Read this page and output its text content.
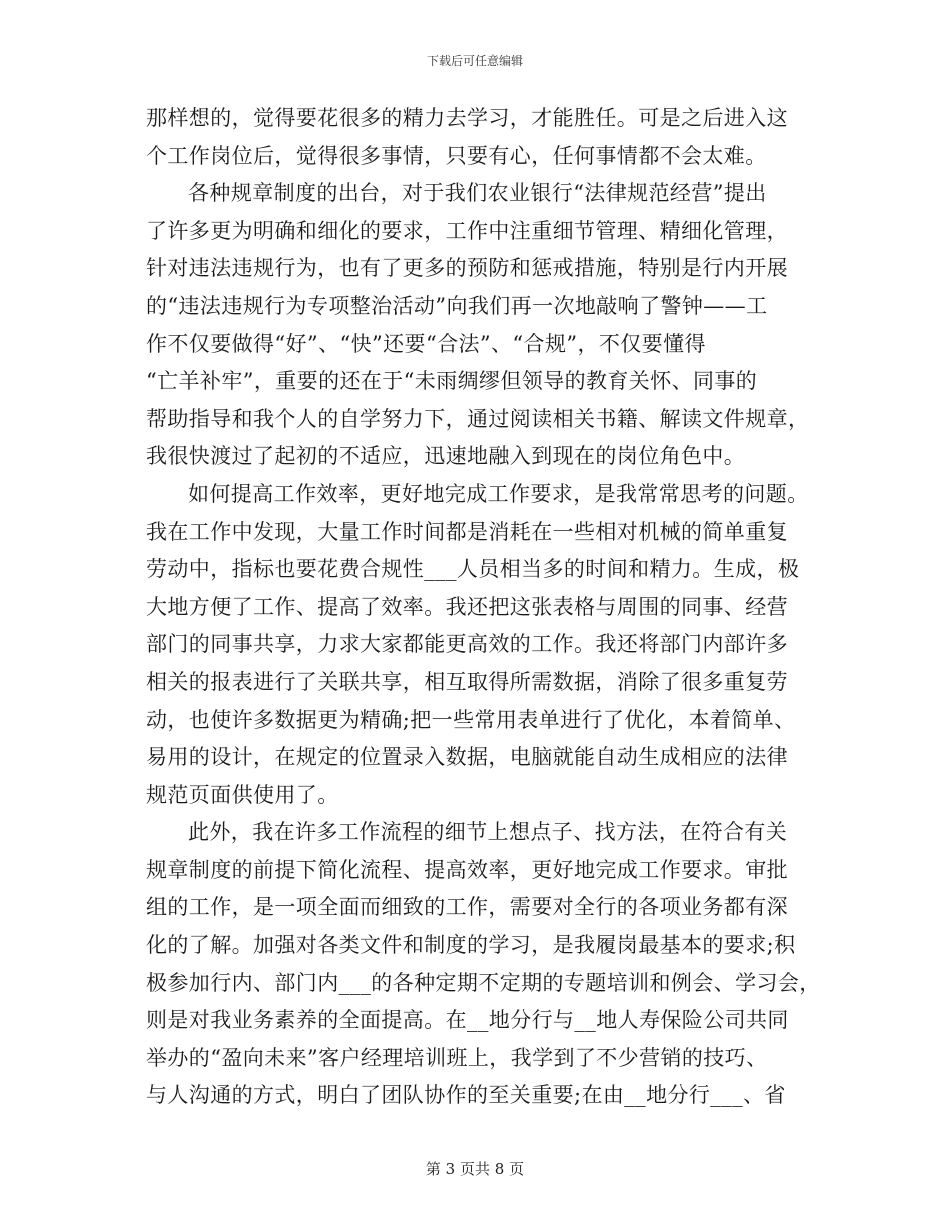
下载后可任意编辑
那样想的，觉得要花很多的精力去学习，才能胜任。可是之后进入这
个工作岗位后，觉得很多事情，只要有心，任何事情都不会太难。
各种规章制度的出台，对于我们农业银行“法律规范经营”提出
了许多更为明确和细化的要求，工作中注重细节管理、精细化管理，
针对违法违规行为，也有了更多的预防和惩戒措施，特别是行内开展
的“违法违规行为专项整治活动”向我们再一次地敲响了警钟——工
作不仅要做得“好”、“快”还要“合法”、“合规”，不仅要懂得
“亡羊补牢”，重要的还在于“未雨绸缪但领导的教育关怀、同事的
帮助指导和我个人的自学努力下，通过阅读相关书籍、解读文件规章，
我很快渡过了起初的不适应，迅速地融入到现在的岗位角色中。
如何提高工作效率，更好地完成工作要求，是我常常思考的问题。
我在工作中发现，大量工作时间都是消耗在一些相对机械的简单重复
劳动中，指标也要花费合规性___人员相当多的时间和精力。生成，极
大地方便了工作、提高了效率。我还把这张表格与周围的同事、经营
部门的同事共享，力求大家都能更高效的工作。我还将部门内部许多
相关的报表进行了关联共享，相互取得所需数据，消除了很多重复劳
动，也使许多数据更为精确;把一些常用表单进行了优化，本着简单、
易用的设计，在规定的位置录入数据，电脑就能自动生成相应的法律
规范页面供使用了。
此外，我在许多工作流程的细节上想点子、找方法，在符合有关
规章制度的前提下简化流程、提高效率，更好地完成工作要求。审批
组的工作，是一项全面而细致的工作，需要对全行的各项业务都有深
化的了解。加强对各类文件和制度的学习，是我履岗最基本的要求;积
极参加行内、部门内___的各种定期不定期的专题培训和例会、学习会，
则是对我业务素养的全面提高。在__地分行与__地人寿保险公司共同
举办的“盈向未来”客户经理培训班上，我学到了不少营销的技巧、
与人沟通的方式，明白了团队协作的至关重要;在由__地分行___、省
第 3 页共 8 页
